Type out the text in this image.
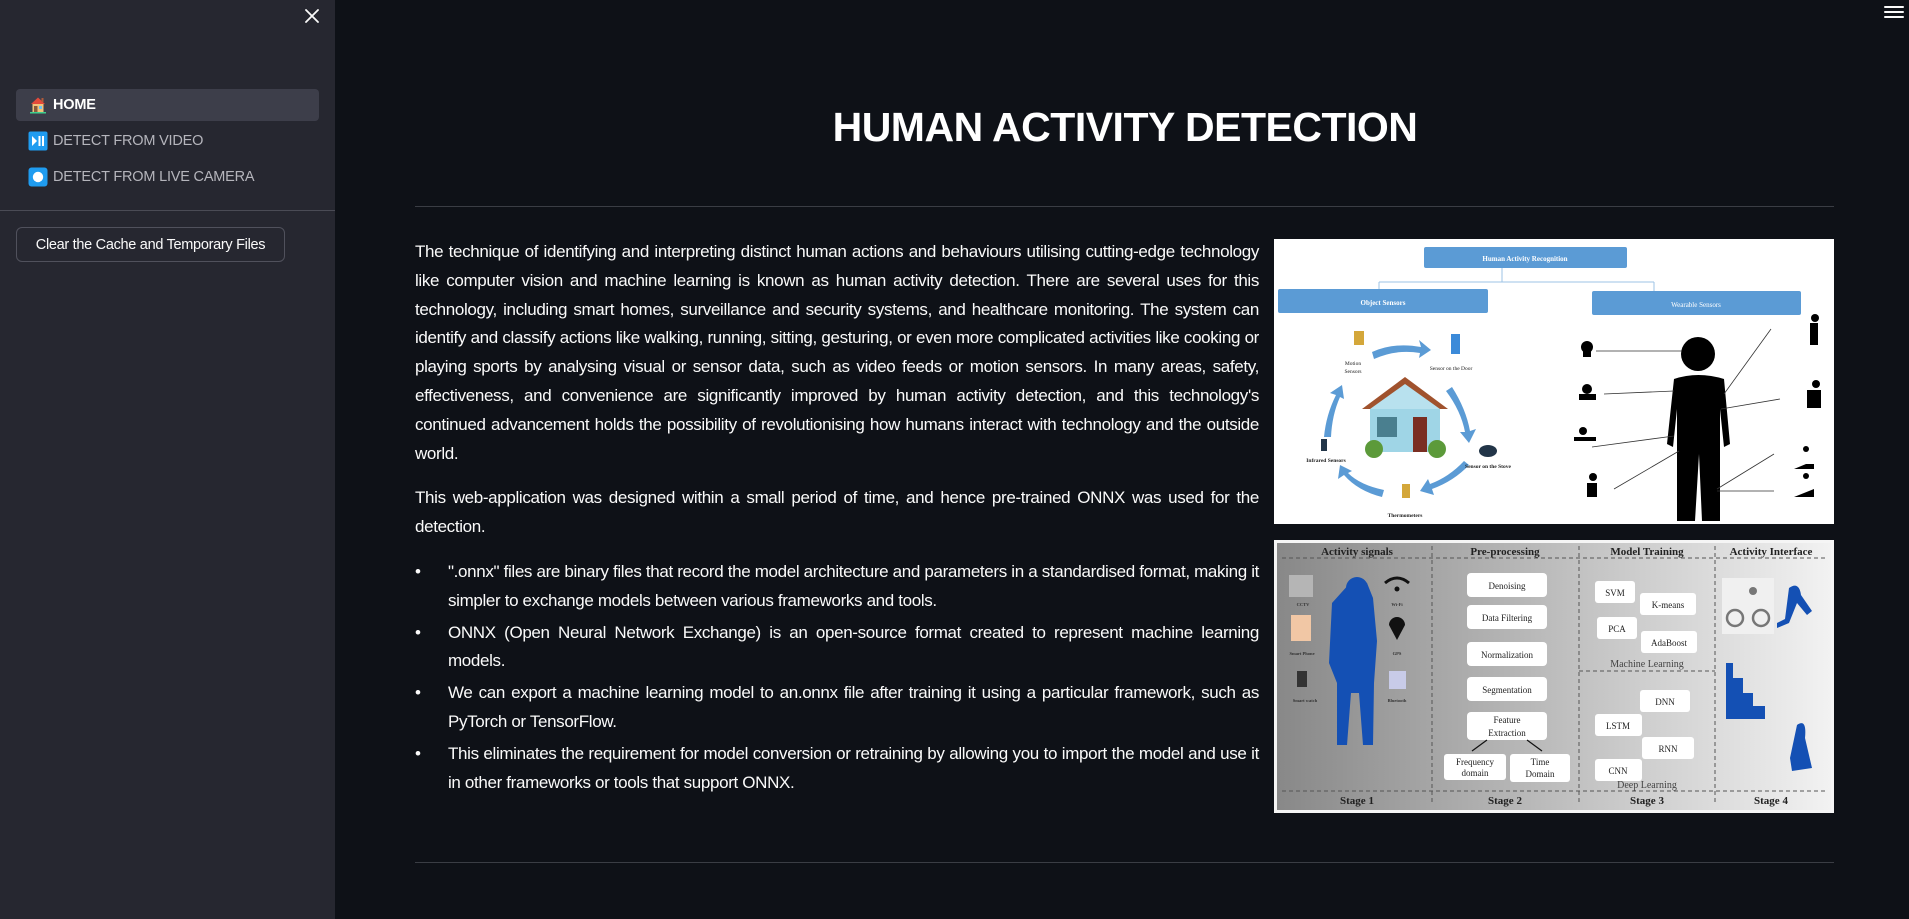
HOME
DETECT FROM VIDEO
DETECT FROM LIVE CAMERA
Clear the Cache and Temporary Files
HUMAN ACTIVITY DETECTION

The technique of identifying and interpreting distinct human actions and behaviours utilising cutting-edge technology like computer vision and machine learning is known as human activity detection. There are several uses for this technology, including smart homes, surveillance and security systems, and healthcare monitoring. The system can identify and classify actions like walking, running, sitting, gesturing, or even more complicated activities like cooking or playing sports by analysing visual or sensor data, such as video feeds or motion sensors. In many areas, safety, effectiveness, and convenience are significantly improved by human activity detection, and this technology's continued advancement holds the possibility of revolutionising how humans interact with technology and the outside world.

This web-application was designed within a small period of time, and hence pre-trained ONNX was used for the detection.

• ".onnx" files are binary files that record the model architecture and parameters in a standardised format, making it simpler to exchange models between various frameworks and tools.
• ONNX (Open Neural Network Exchange) is an open-source format created to represent machine learning models.
• We can export a machine learning model to an.onnx file after training it using a particular framework, such as PyTorch or TensorFlow.
• This eliminates the requirement for model conversion or retraining by allowing you to import the model and use it in other frameworks or tools that support ONNX.
Human Activity Recognition
Object Sensors	Wearable Sensors
Motion
Sensors	Sensor on the Door
Sensor on the Stove
Thermometers
Infrared Sensors
Activity signals	Pre-processing	Model Training	Activity Interface
Stage 1	Stage 2	Stage 3	Stage 4
CCTV
Smart Phone
Smart watch
Wi-Fi
GPS
Bluetooth
Denoising
Data Filtering
Normalization
Segmentation
Feature
Extraction
Frequency
domain
Time
Domain
SVM
K-means
PCA
AdaBoost
Machine Learning
DNN
LSTM
RNN
CNN
Deep Learning
